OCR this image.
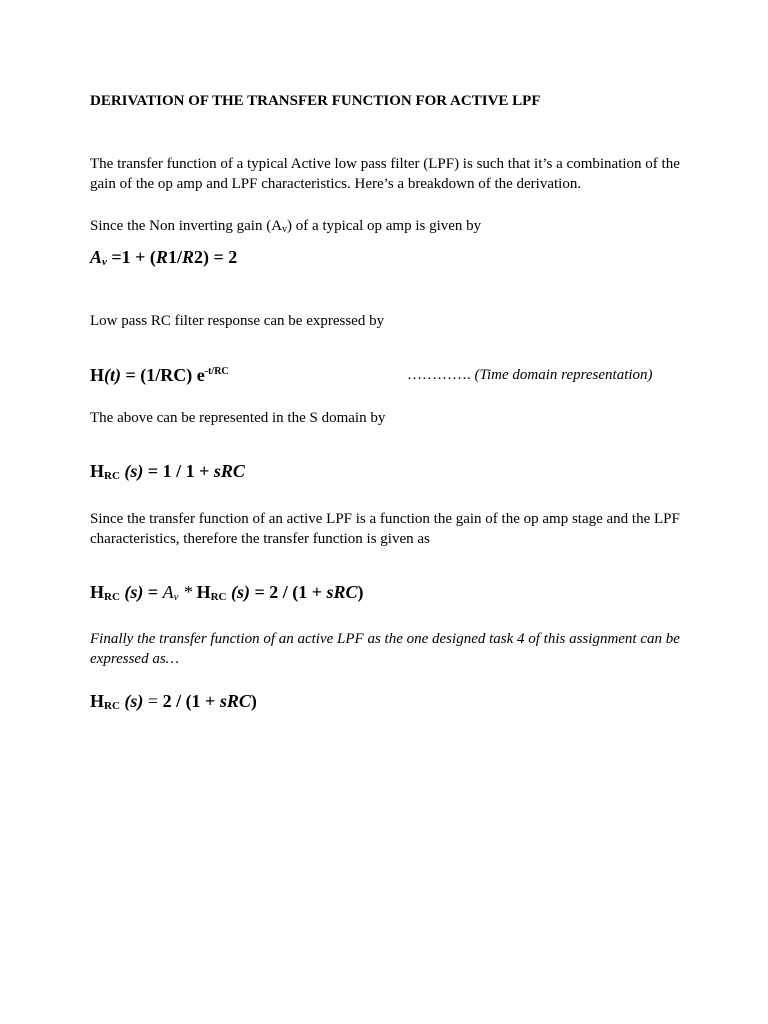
DERIVATION OF THE TRANSFER FUNCTION FOR ACTIVE LPF
The transfer function of a typical Active low pass filter (LPF) is such that it’s a combination of the gain of the op amp and LPF characteristics. Here’s a breakdown of the derivation.
Since the Non inverting gain (Av) of a typical op amp is given by
Av =1 + (R1/R2) = 2
Low pass RC filter response can be expressed by
H(t) = (1/RC) $e^{-t/RC}$	…………. (Time domain representation)
The above can be represented in the S domain by
HRC (s) = 1 / 1 + sRC
Since the transfer function of an active LPF is a function the gain of the op amp stage and the LPF characteristics, therefore the transfer function is given as
HRC (s) = Av * HRC (s) = 2 / (1 + sRC)
Finally the transfer function of an active LPF as the one designed task 4 of this assignment can be expressed as…
HRC (s) = 2 / (1 + sRC)
